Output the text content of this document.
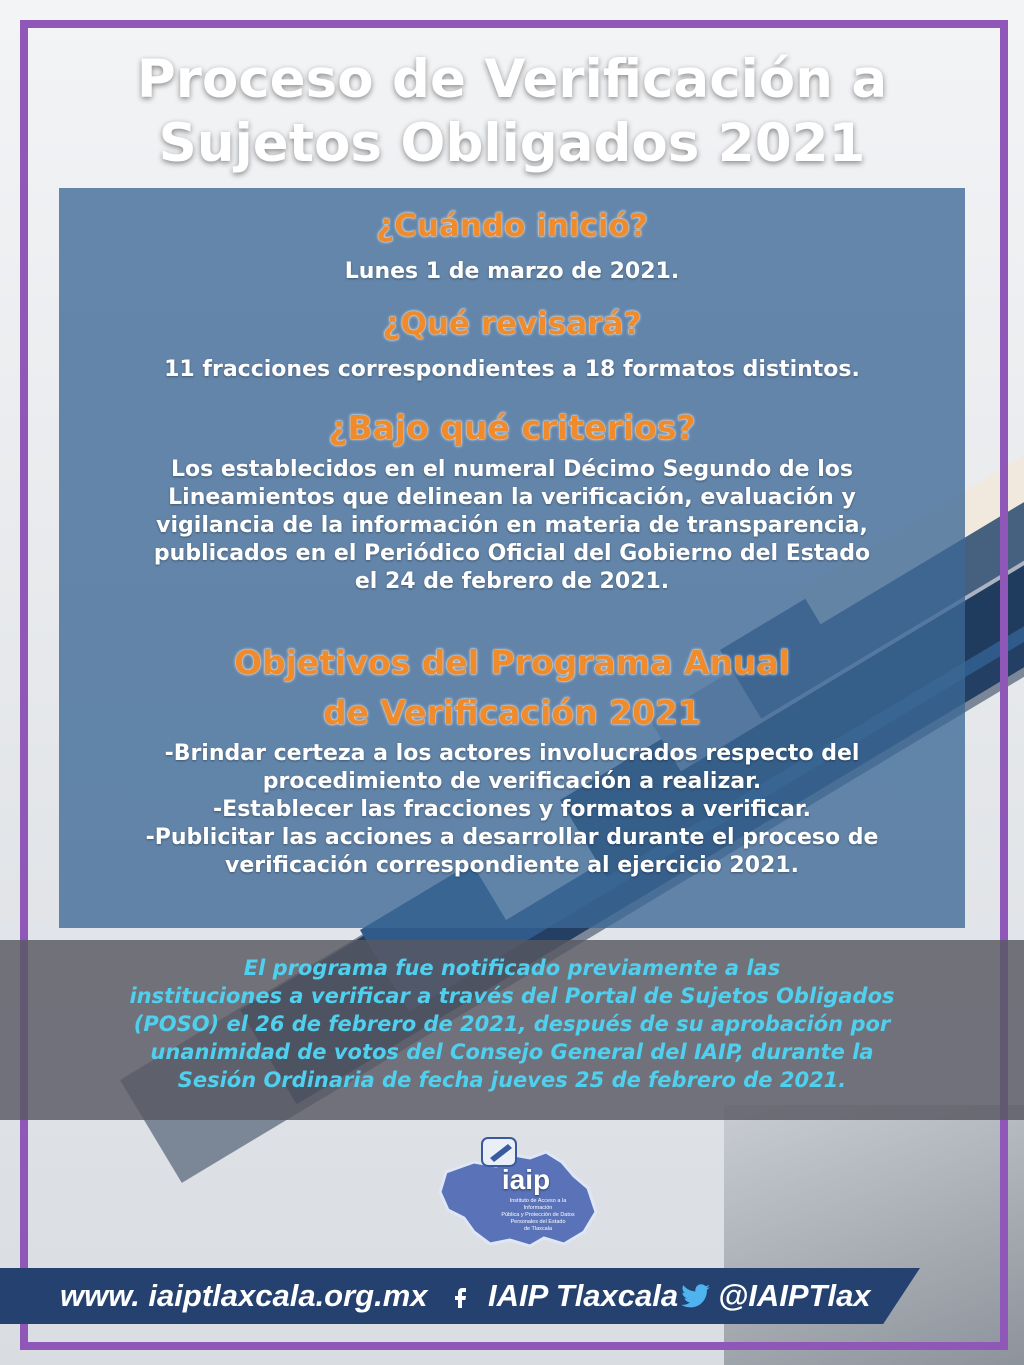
Proceso de Verificación a
Sujetos Obligados 2021
¿Cuándo inició?
Lunes 1 de marzo de 2021.
¿Qué revisará?
11 fracciones correspondientes a 18 formatos distintos.
¿Bajo qué criterios?
Los establecidos en el numeral Décimo Segundo de los
Lineamientos que delinean la verificación, evaluación y
vigilancia de la información en materia de transparencia,
publicados en el Periódico Oficial del Gobierno del Estado
el 24 de febrero de 2021.
Objetivos del Programa Anual
de Verificación 2021
-Brindar certeza a los actores involucrados respecto del
procedimiento de verificación a realizar.
-Establecer las fracciones y formatos a verificar.
-Publicitar las acciones a desarrollar durante el proceso de
verificación correspondiente al ejercicio 2021.
El programa fue notificado previamente a las
instituciones a verificar a través del Portal de Sujetos Obligados
(POSO) el 26 de febrero de 2021, después de su aprobación por
unanimidad de votos del Consejo General del IAIP, durante la
Sesión Ordinaria de fecha jueves 25 de febrero de 2021.
iaip
Instituto de Acceso a la Información
Pública y Protección de Datos
Personales del Estado
de Tlaxcala
www. iaiptlaxcala.org.mx IAIP Tlaxcala @IAIPTlax
